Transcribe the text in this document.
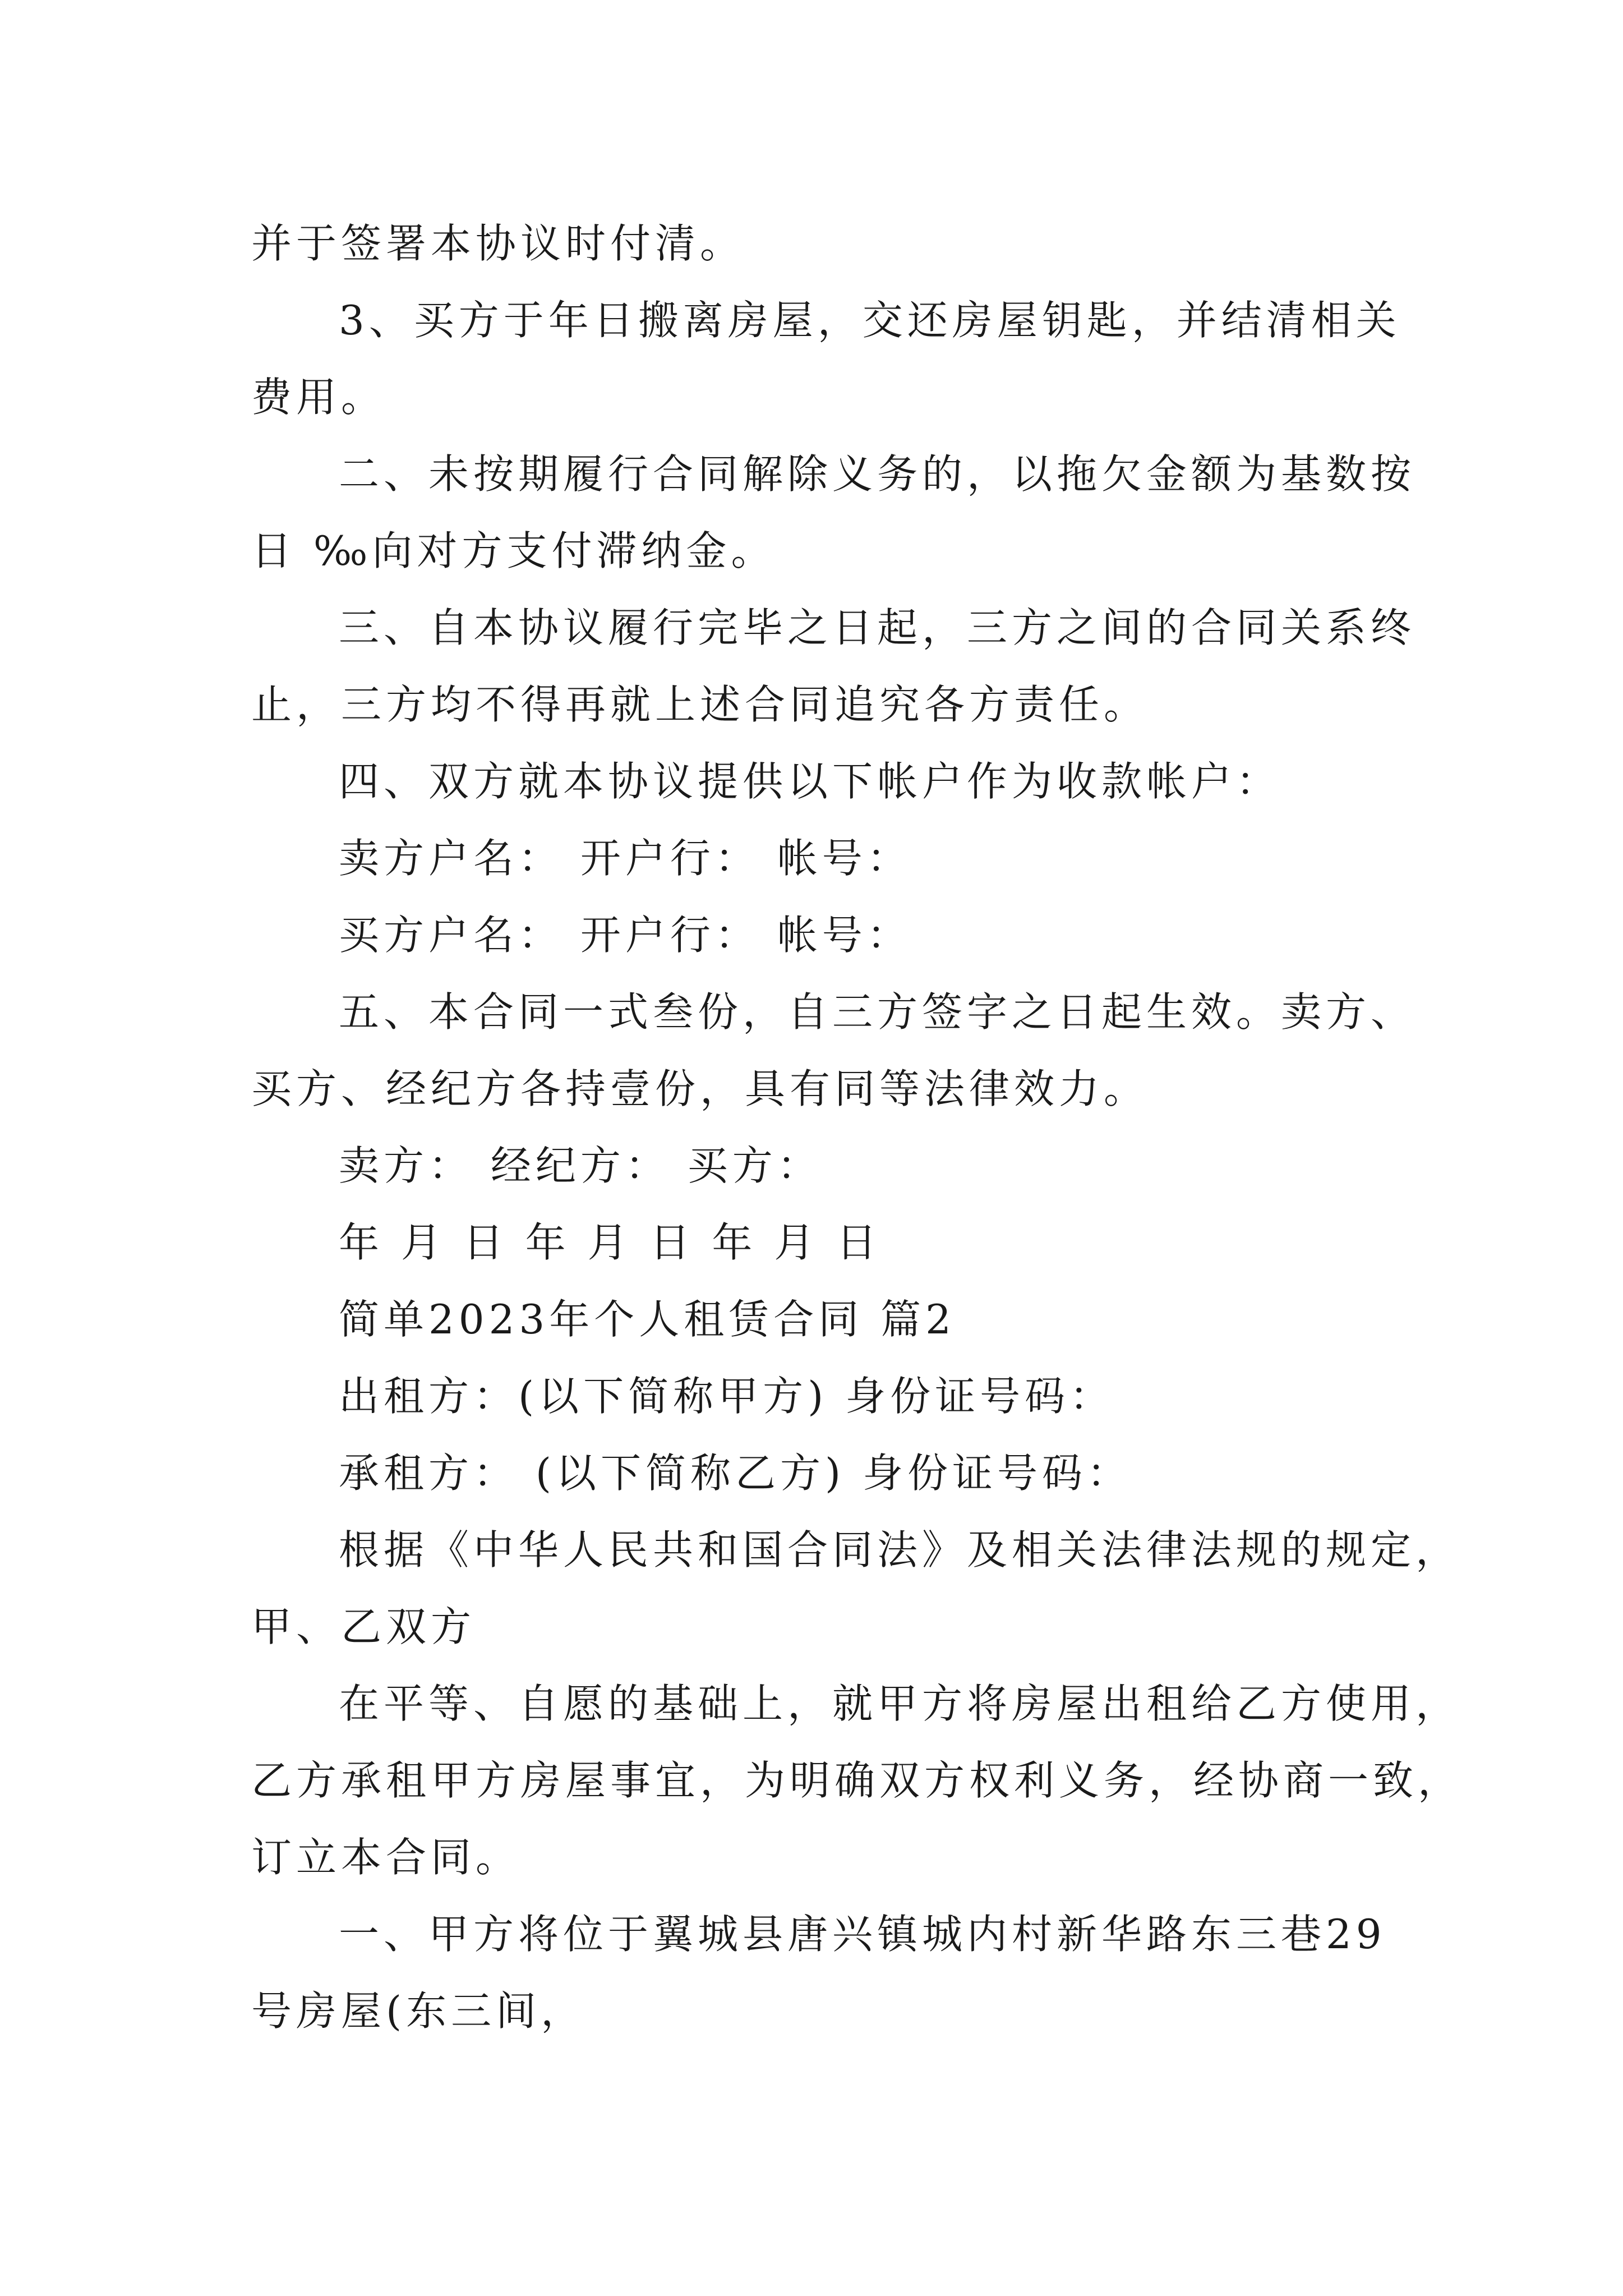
并于签署本协议时付清。
3、买方于年日搬离房屋，交还房屋钥匙，并结清相关
费用。
二、未按期履行合同解除义务的，以拖欠金额为基数按
日 ‰向对方支付滞纳金。
三、自本协议履行完毕之日起，三方之间的合同关系终
止，三方均不得再就上述合同追究各方责任。
四、双方就本协议提供以下帐户作为收款帐户：
卖方户名： 开户行： 帐号：
买方户名： 开户行： 帐号：
五、本合同一式叁份，自三方签字之日起生效。卖方、
买方、经纪方各持壹份，具有同等法律效力。
卖方： 经纪方： 买方：
年 月 日 年 月 日 年 月 日
简单2023年个人租赁合同 篇2
出租方：(以下简称甲方) 身份证号码：
承租方： (以下简称乙方) 身份证号码：
根据《中华人民共和国合同法》及相关法律法规的规定，
甲、乙双方
在平等、自愿的基础上，就甲方将房屋出租给乙方使用，
乙方承租甲方房屋事宜，为明确双方权利义务，经协商一致，
订立本合同。
一、甲方将位于翼城县唐兴镇城内村新华路东三巷29
号房屋(东三间，
